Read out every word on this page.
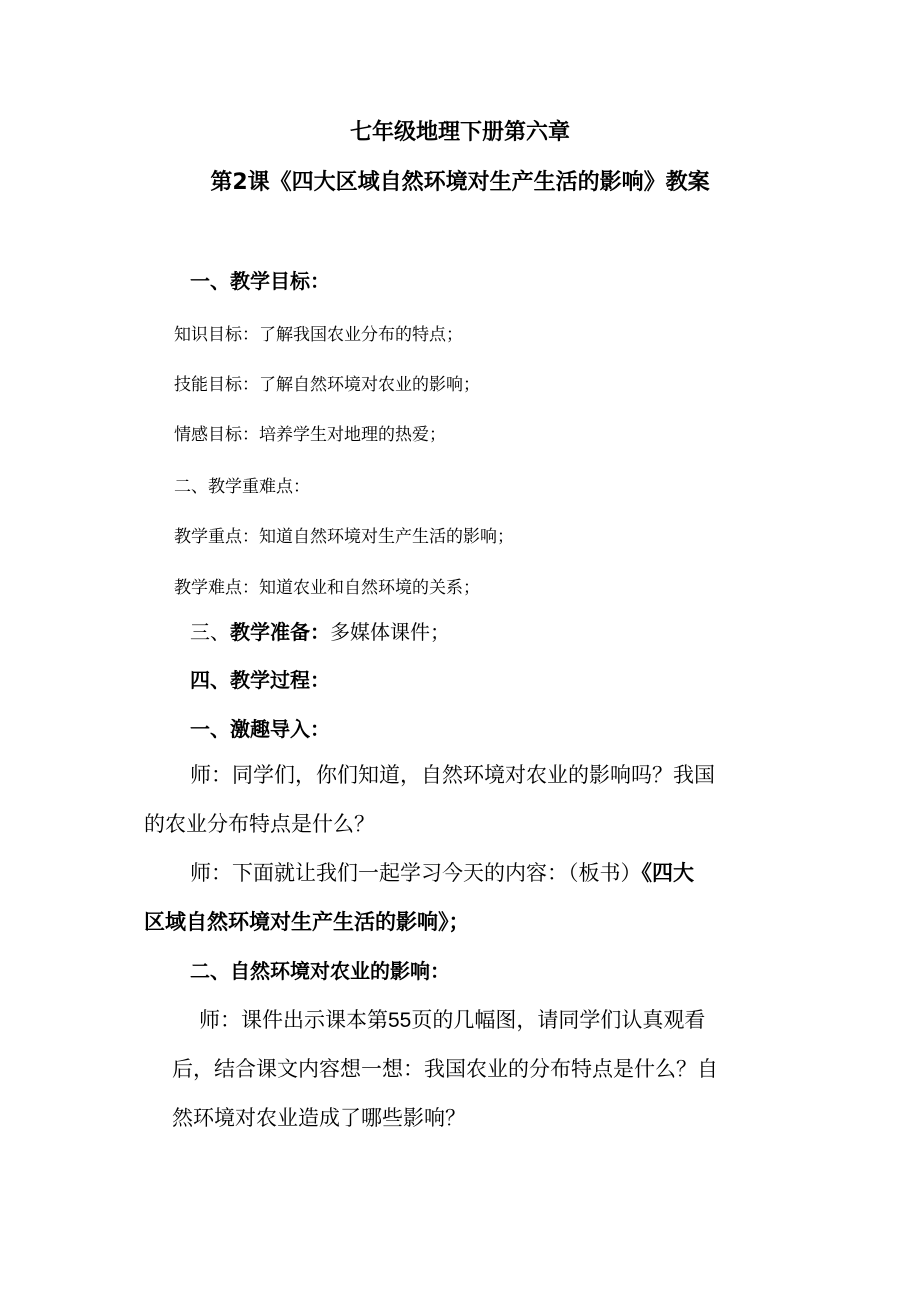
七年级地理下册第六章
第2课《四大区域自然环境对生产生活的影响》教案
一、教学目标：
知识目标：了解我国农业分布的特点；
技能目标：了解自然环境对农业的影响；
情感目标：培养学生对地理的热爱；
二、教学重难点：
教学重点：知道自然环境对生产生活的影响；
教学难点：知道农业和自然环境的关系；
三、教学准备：多媒体课件；
四、教学过程：
一、激趣导入：
师：同学们，你们知道，自然环境对农业的影响吗？我国
的农业分布特点是什么？
师：下面就让我们一起学习今天的内容：（板书）《四大
区域自然环境对生产生活的影响》；
二、自然环境对农业的影响：
师：课件出示课本第55页的几幅图，请同学们认真观看
后，结合课文内容想一想：我国农业的分布特点是什么？自
然环境对农业造成了哪些影响？
